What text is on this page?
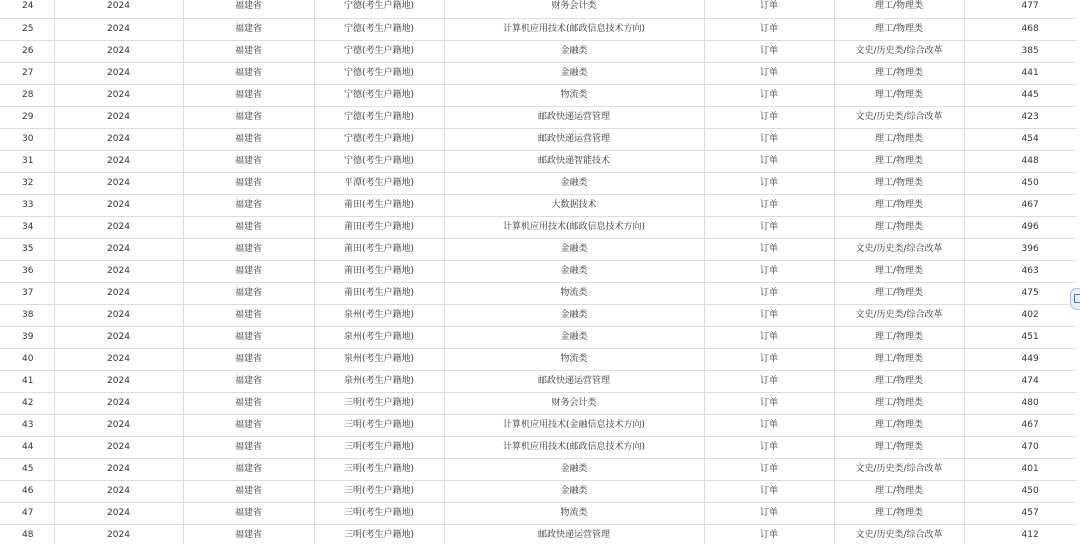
24	2024	福建省	宁德(考生户籍地)	财务会计类	订单	理工/物理类	477
25	2024	福建省	宁德(考生户籍地)	计算机应用技术(邮政信息技术方向)	订单	理工/物理类	468
26	2024	福建省	宁德(考生户籍地)	金融类	订单	文史/历史类/综合改革	385
27	2024	福建省	宁德(考生户籍地)	金融类	订单	理工/物理类	441
28	2024	福建省	宁德(考生户籍地)	物流类	订单	理工/物理类	445
29	2024	福建省	宁德(考生户籍地)	邮政快递运营管理	订单	文史/历史类/综合改革	423
30	2024	福建省	宁德(考生户籍地)	邮政快递运营管理	订单	理工/物理类	454
31	2024	福建省	宁德(考生户籍地)	邮政快递智能技术	订单	理工/物理类	448
32	2024	福建省	平潭(考生户籍地)	金融类	订单	理工/物理类	450
33	2024	福建省	莆田(考生户籍地)	大数据技术	订单	理工/物理类	467
34	2024	福建省	莆田(考生户籍地)	计算机应用技术(邮政信息技术方向)	订单	理工/物理类	496
35	2024	福建省	莆田(考生户籍地)	金融类	订单	文史/历史类/综合改革	396
36	2024	福建省	莆田(考生户籍地)	金融类	订单	理工/物理类	463
37	2024	福建省	莆田(考生户籍地)	物流类	订单	理工/物理类	475
38	2024	福建省	泉州(考生户籍地)	金融类	订单	文史/历史类/综合改革	402
39	2024	福建省	泉州(考生户籍地)	金融类	订单	理工/物理类	451
40	2024	福建省	泉州(考生户籍地)	物流类	订单	理工/物理类	449
41	2024	福建省	泉州(考生户籍地)	邮政快递运营管理	订单	理工/物理类	474
42	2024	福建省	三明(考生户籍地)	财务会计类	订单	理工/物理类	480
43	2024	福建省	三明(考生户籍地)	计算机应用技术(金融信息技术方向)	订单	理工/物理类	467
44	2024	福建省	三明(考生户籍地)	计算机应用技术(邮政信息技术方向)	订单	理工/物理类	470
45	2024	福建省	三明(考生户籍地)	金融类	订单	文史/历史类/综合改革	401
46	2024	福建省	三明(考生户籍地)	金融类	订单	理工/物理类	450
47	2024	福建省	三明(考生户籍地)	物流类	订单	理工/物理类	457
48	2024	福建省	三明(考生户籍地)	邮政快递运营管理	订单	文史/历史类/综合改革	412
